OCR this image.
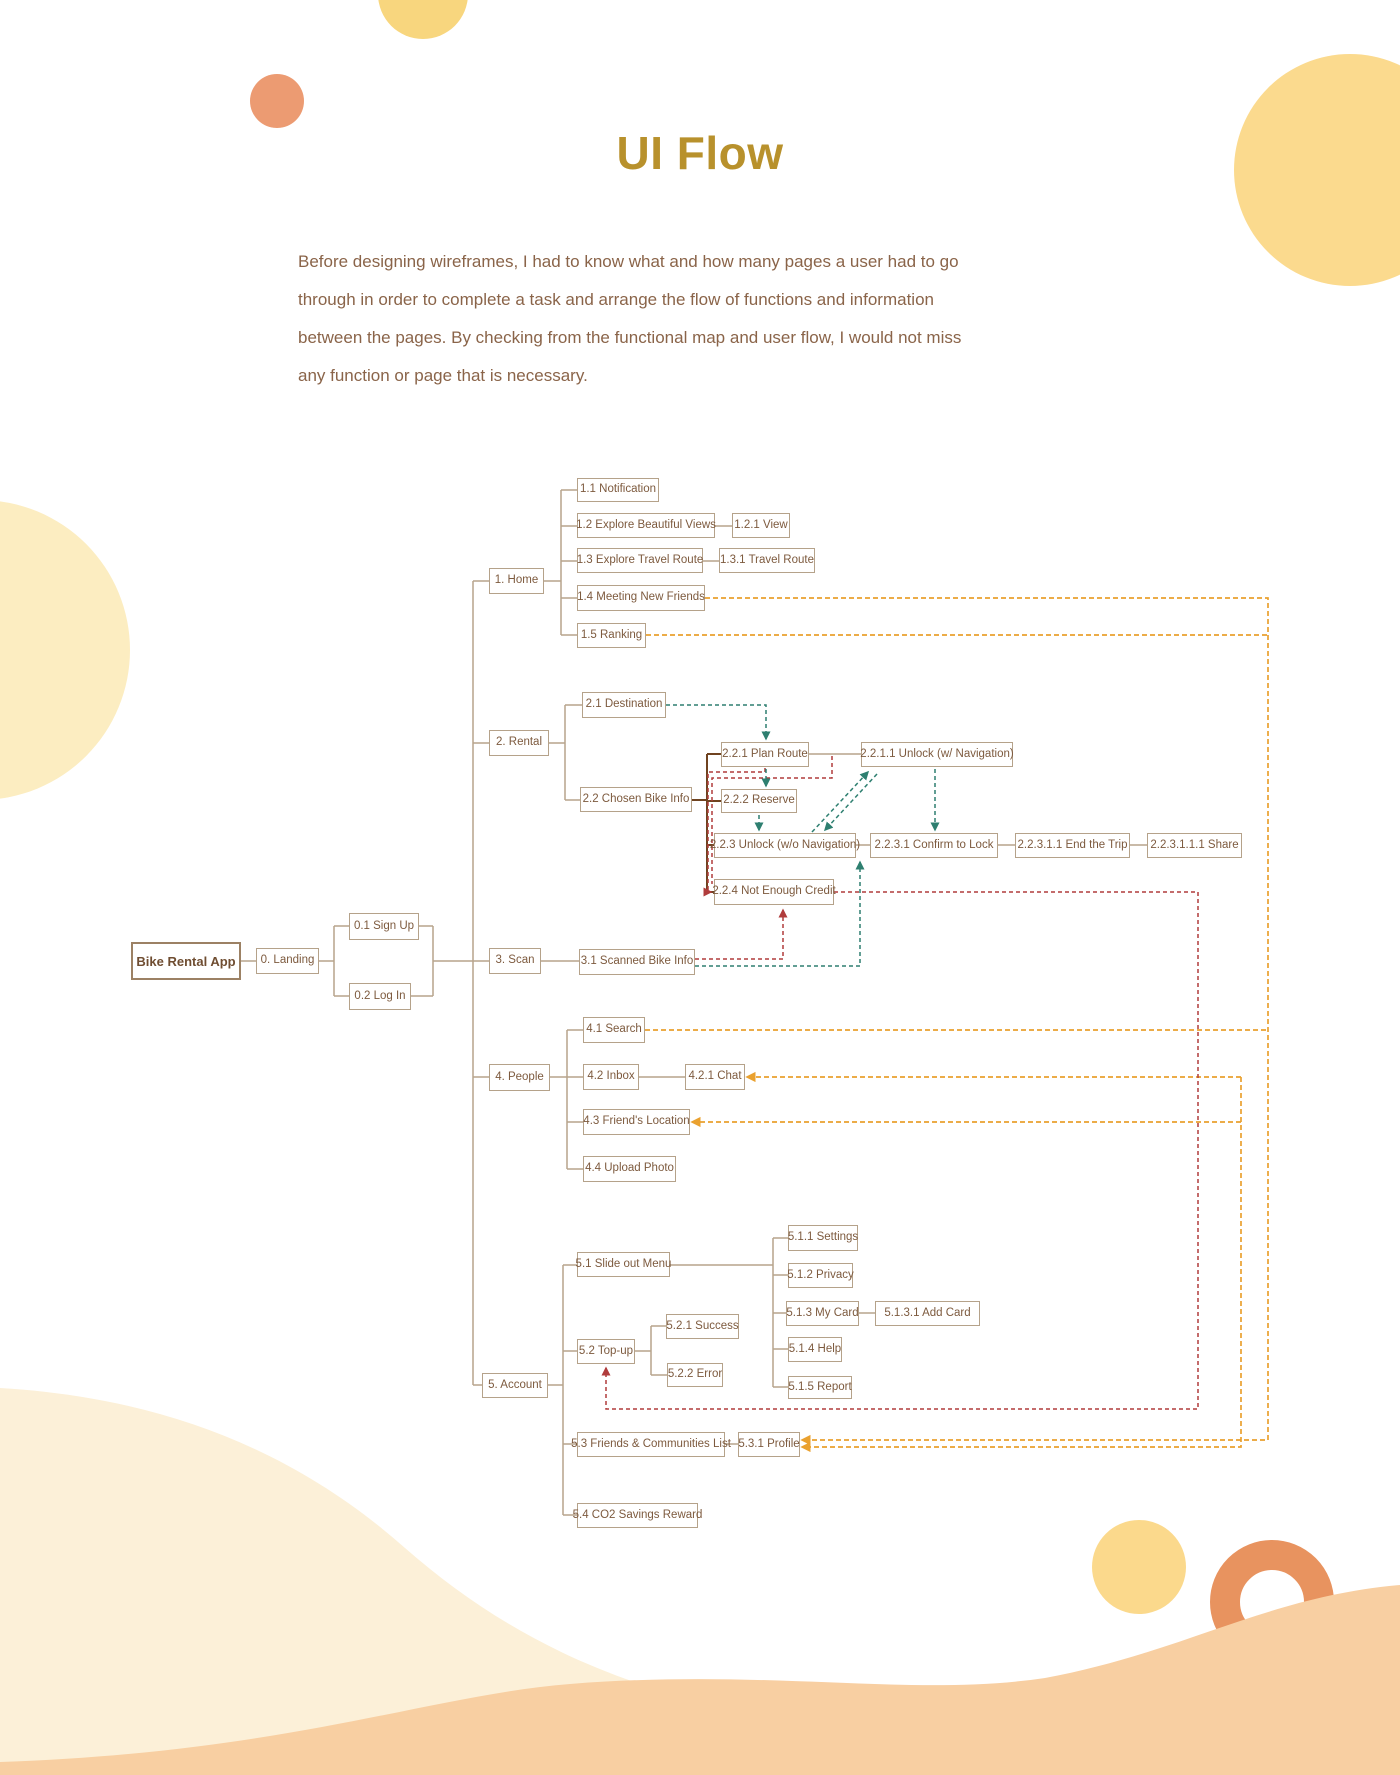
UI Flow
Before designing wireframes, I had to know what and how many pages a user had to go
through in order to complete a task and arrange the flow of functions and information
between the pages. By checking from the functional map and user flow, I would not miss
any function or page that is necessary.
Bike Rental App	0. Landing
0.1 Sign Up
0.2 Log In
1. Home
1.1 Notification
1.2 Explore Beautiful Views 1.2.1 View
1.3 Explore Travel Route 1.3.1 Travel Route
1.4 Meeting New Friends
1.5 Ranking
2. Rental
2.1 Destination
2.2 Chosen Bike Info
2.2.1 Plan Route	2.2.1.1 Unlock (w/ Navigation)
2.2.2 Reserve
2.2.3 Unlock (w/o Navigation)	2.2.3.1 Confirm to Lock	2.2.3.1.1 End the Trip 2.2.3.1.1.1 Share
2.2.4 Not Enough Credit
3. Scan	3.1 Scanned Bike Info
4. People
4.1 Search
4.2 Inbox	4.2.1 Chat
4.3 Friend's Location
4.4 Upload Photo
5. Account
5.1 Slide out Menu
5.1.1 Settings
5.1.2 Privacy
5.1.3 My Card	5.1.3.1 Add Card
5.1.4 Help
5.1.5 Report
5.2 Top-up
5.2.1 Success
5.2.2 Error
5.3 Friends & Communities List 5.3.1 Profile
5.4 CO2 Savings Reward
